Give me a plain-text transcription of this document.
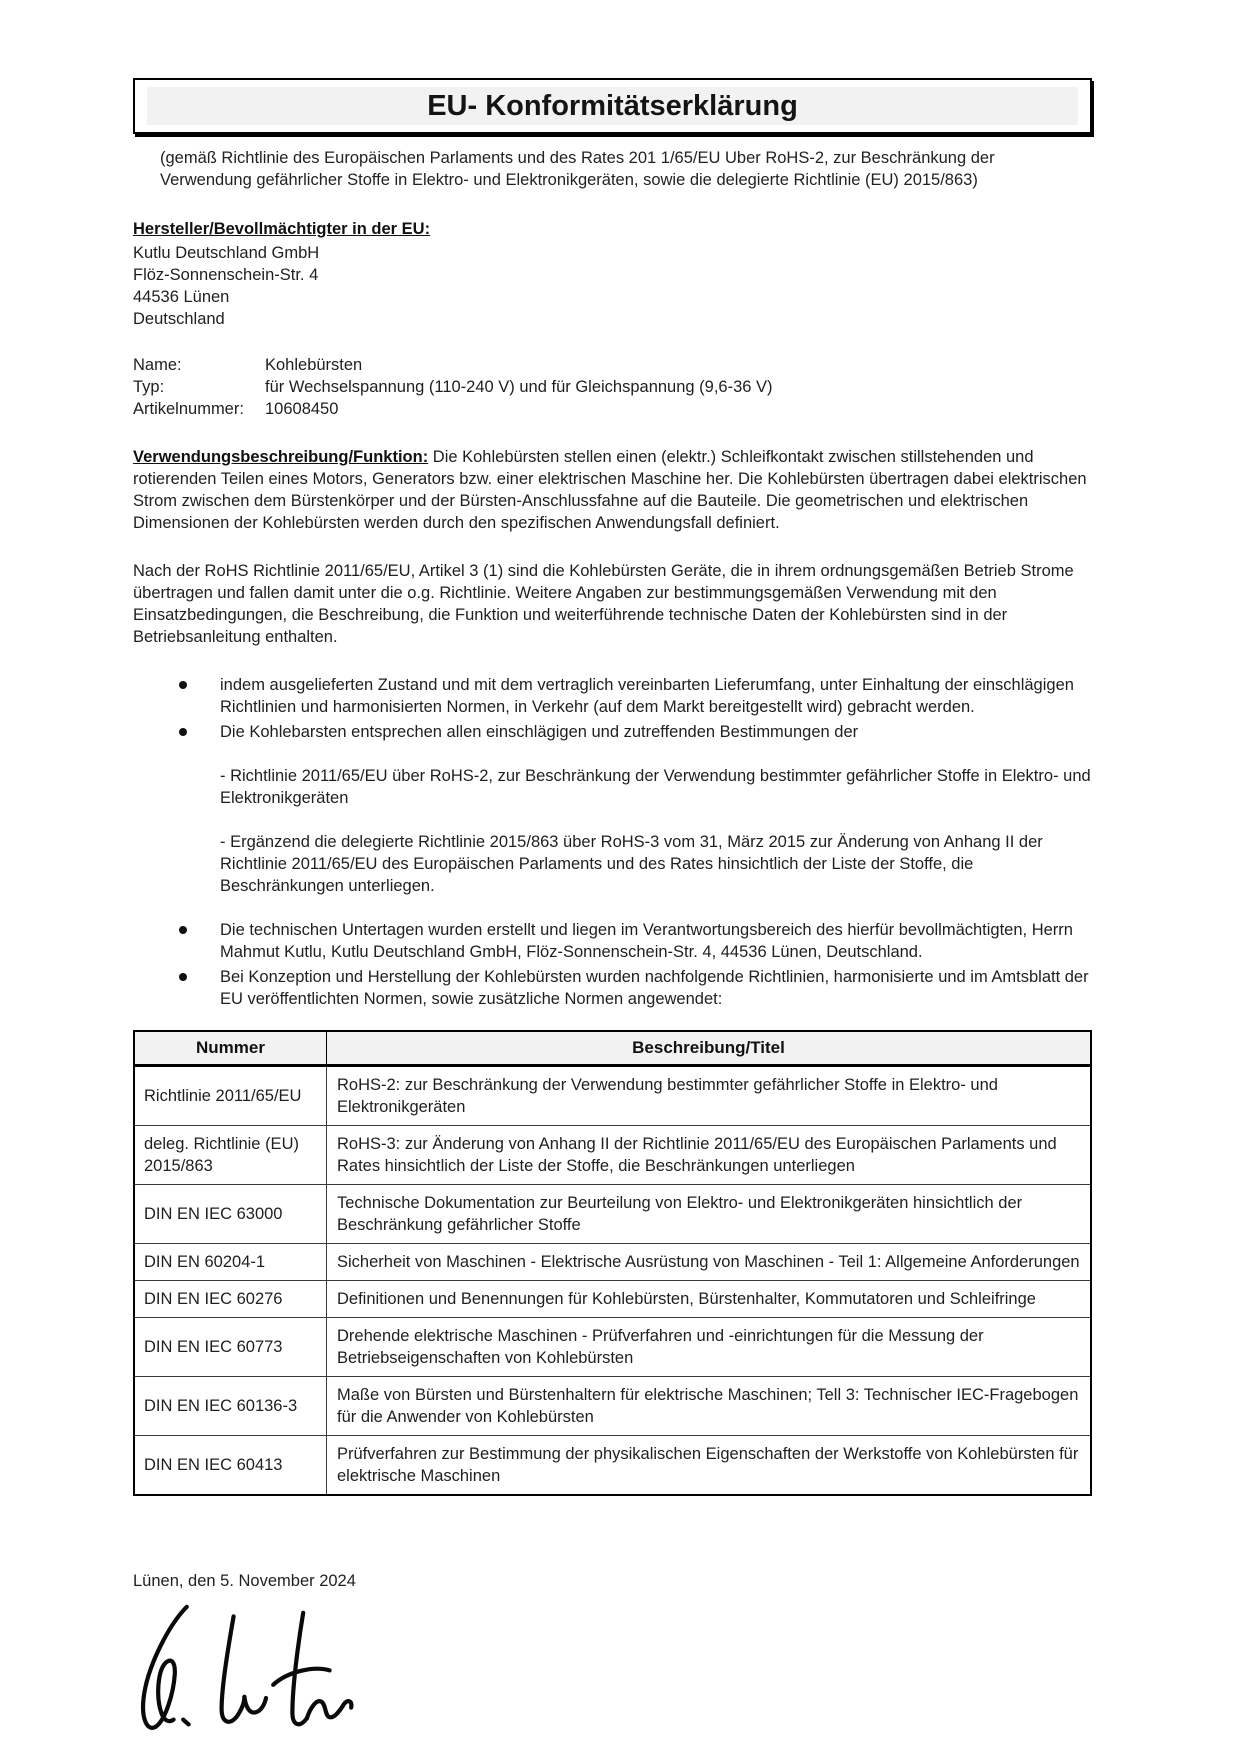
EU- Konformitätserklärung
(gemäß Richtlinie des Europäischen Parlaments und des Rates 201 1/65/EU Uber RoHS-2, zur Beschränkung der Verwendung gefährlicher Stoffe in Elektro- und Elektronikgeräten, sowie die delegierte Richtlinie (EU) 2015/863)
Hersteller/Bevollmächtigter in der EU:
Kutlu Deutschland GmbH
Flöz-Sonnenschein-Str. 4
44536 Lünen
Deutschland
Name:	Kohlebürsten
Typ:	für Wechselspannung (110-240 V) und für Gleichspannung (9,6-36 V)
Artikelnummer:	10608450
Verwendungsbeschreibung/Funktion: Die Kohlebürsten stellen einen (elektr.) Schleifkontakt zwischen stillstehenden und rotierenden Teilen eines Motors, Generators bzw. einer elektrischen Maschine her. Die Kohlebürsten übertragen dabei elektrischen Strom zwischen dem Bürstenkörper und der Bürsten-Anschlussfahne auf die Bauteile. Die geometrischen und elektrischen Dimensionen der Kohlebürsten werden durch den spezifischen Anwendungsfall definiert.
Nach der RoHS Richtlinie 2011/65/EU, Artikel 3 (1) sind die Kohlebürsten Geräte, die in ihrem ordnungsgemäßen Betrieb Strome übertragen und fallen damit unter die o.g. Richtlinie. Weitere Angaben zur bestimmungsgemäßen Verwendung mit den Einsatzbedingungen, die Beschreibung, die Funktion und weiterführende technische Daten der Kohlebürsten sind in der Betriebsanleitung enthalten.
indem ausgelieferten Zustand und mit dem vertraglich vereinbarten Lieferumfang, unter Einhaltung der einschlägigen Richtlinien und harmonisierten Normen, in Verkehr (auf dem Markt bereitgestellt wird) gebracht werden.
Die Kohlebarsten entsprechen allen einschlägigen und zutreffenden Bestimmungen der
- Richtlinie 2011/65/EU über RoHS-2, zur Beschränkung der Verwendung bestimmter gefährlicher Stoffe in Elektro- und Elektronikgeräten
- Ergänzend die delegierte Richtlinie 2015/863 über RoHS-3 vom 31, März 2015 zur Änderung von Anhang II der Richtlinie 2011/65/EU des Europäischen Parlaments und des Rates hinsichtlich der Liste der Stoffe, die Beschränkungen unterliegen.
Die technischen Untertagen wurden erstellt und liegen im Verantwortungsbereich des hierfür bevollmächtigten, Herrn Mahmut Kutlu, Kutlu Deutschland GmbH, Flöz-Sonnenschein-Str. 4, 44536 Lünen, Deutschland.
Bei Konzeption und Herstellung der Kohlebürsten wurden nachfolgende Richtlinien, harmonisierte und im Amtsblatt der EU veröffentlichten Normen, sowie zusätzliche Normen angewendet:
Nummer	Beschreibung/Titel
Richtlinie 2011/65/EU	RoHS-2: zur Beschränkung der Verwendung bestimmter gefährlicher Stoffe in Elektro- und Elektronikgeräten
deleg. Richtlinie (EU) 2015/863	RoHS-3: zur Änderung von Anhang II der Richtlinie 2011/65/EU des Europäischen Parlaments und Rates hinsichtlich der Liste der Stoffe, die Beschränkungen unterliegen
DIN EN IEC 63000	Technische Dokumentation zur Beurteilung von Elektro- und Elektronikgeräten hinsichtlich der Beschränkung gefährlicher Stoffe
DIN EN 60204-1	Sicherheit von Maschinen - Elektrische Ausrüstung von Maschinen - Teil 1: Allgemeine Anforderungen
DIN EN IEC 60276	Definitionen und Benennungen für Kohlebürsten, Bürstenhalter, Kommutatoren und Schleifringe
DIN EN IEC 60773	Drehende elektrische Maschinen - Prüfverfahren und -einrichtungen für die Messung der Betriebseigenschaften von Kohlebürsten
DIN EN IEC 60136-3	Maße von Bürsten und Bürstenhaltern für elektrische Maschinen; Tell 3: Technischer IEC-Fragebogen für die Anwender von Kohlebürsten
DIN EN IEC 60413	Prüfverfahren zur Bestimmung der physikalischen Eigenschaften der Werkstoffe von Kohlebürsten für elektrische Maschinen
Lünen, den 5. November 2024
